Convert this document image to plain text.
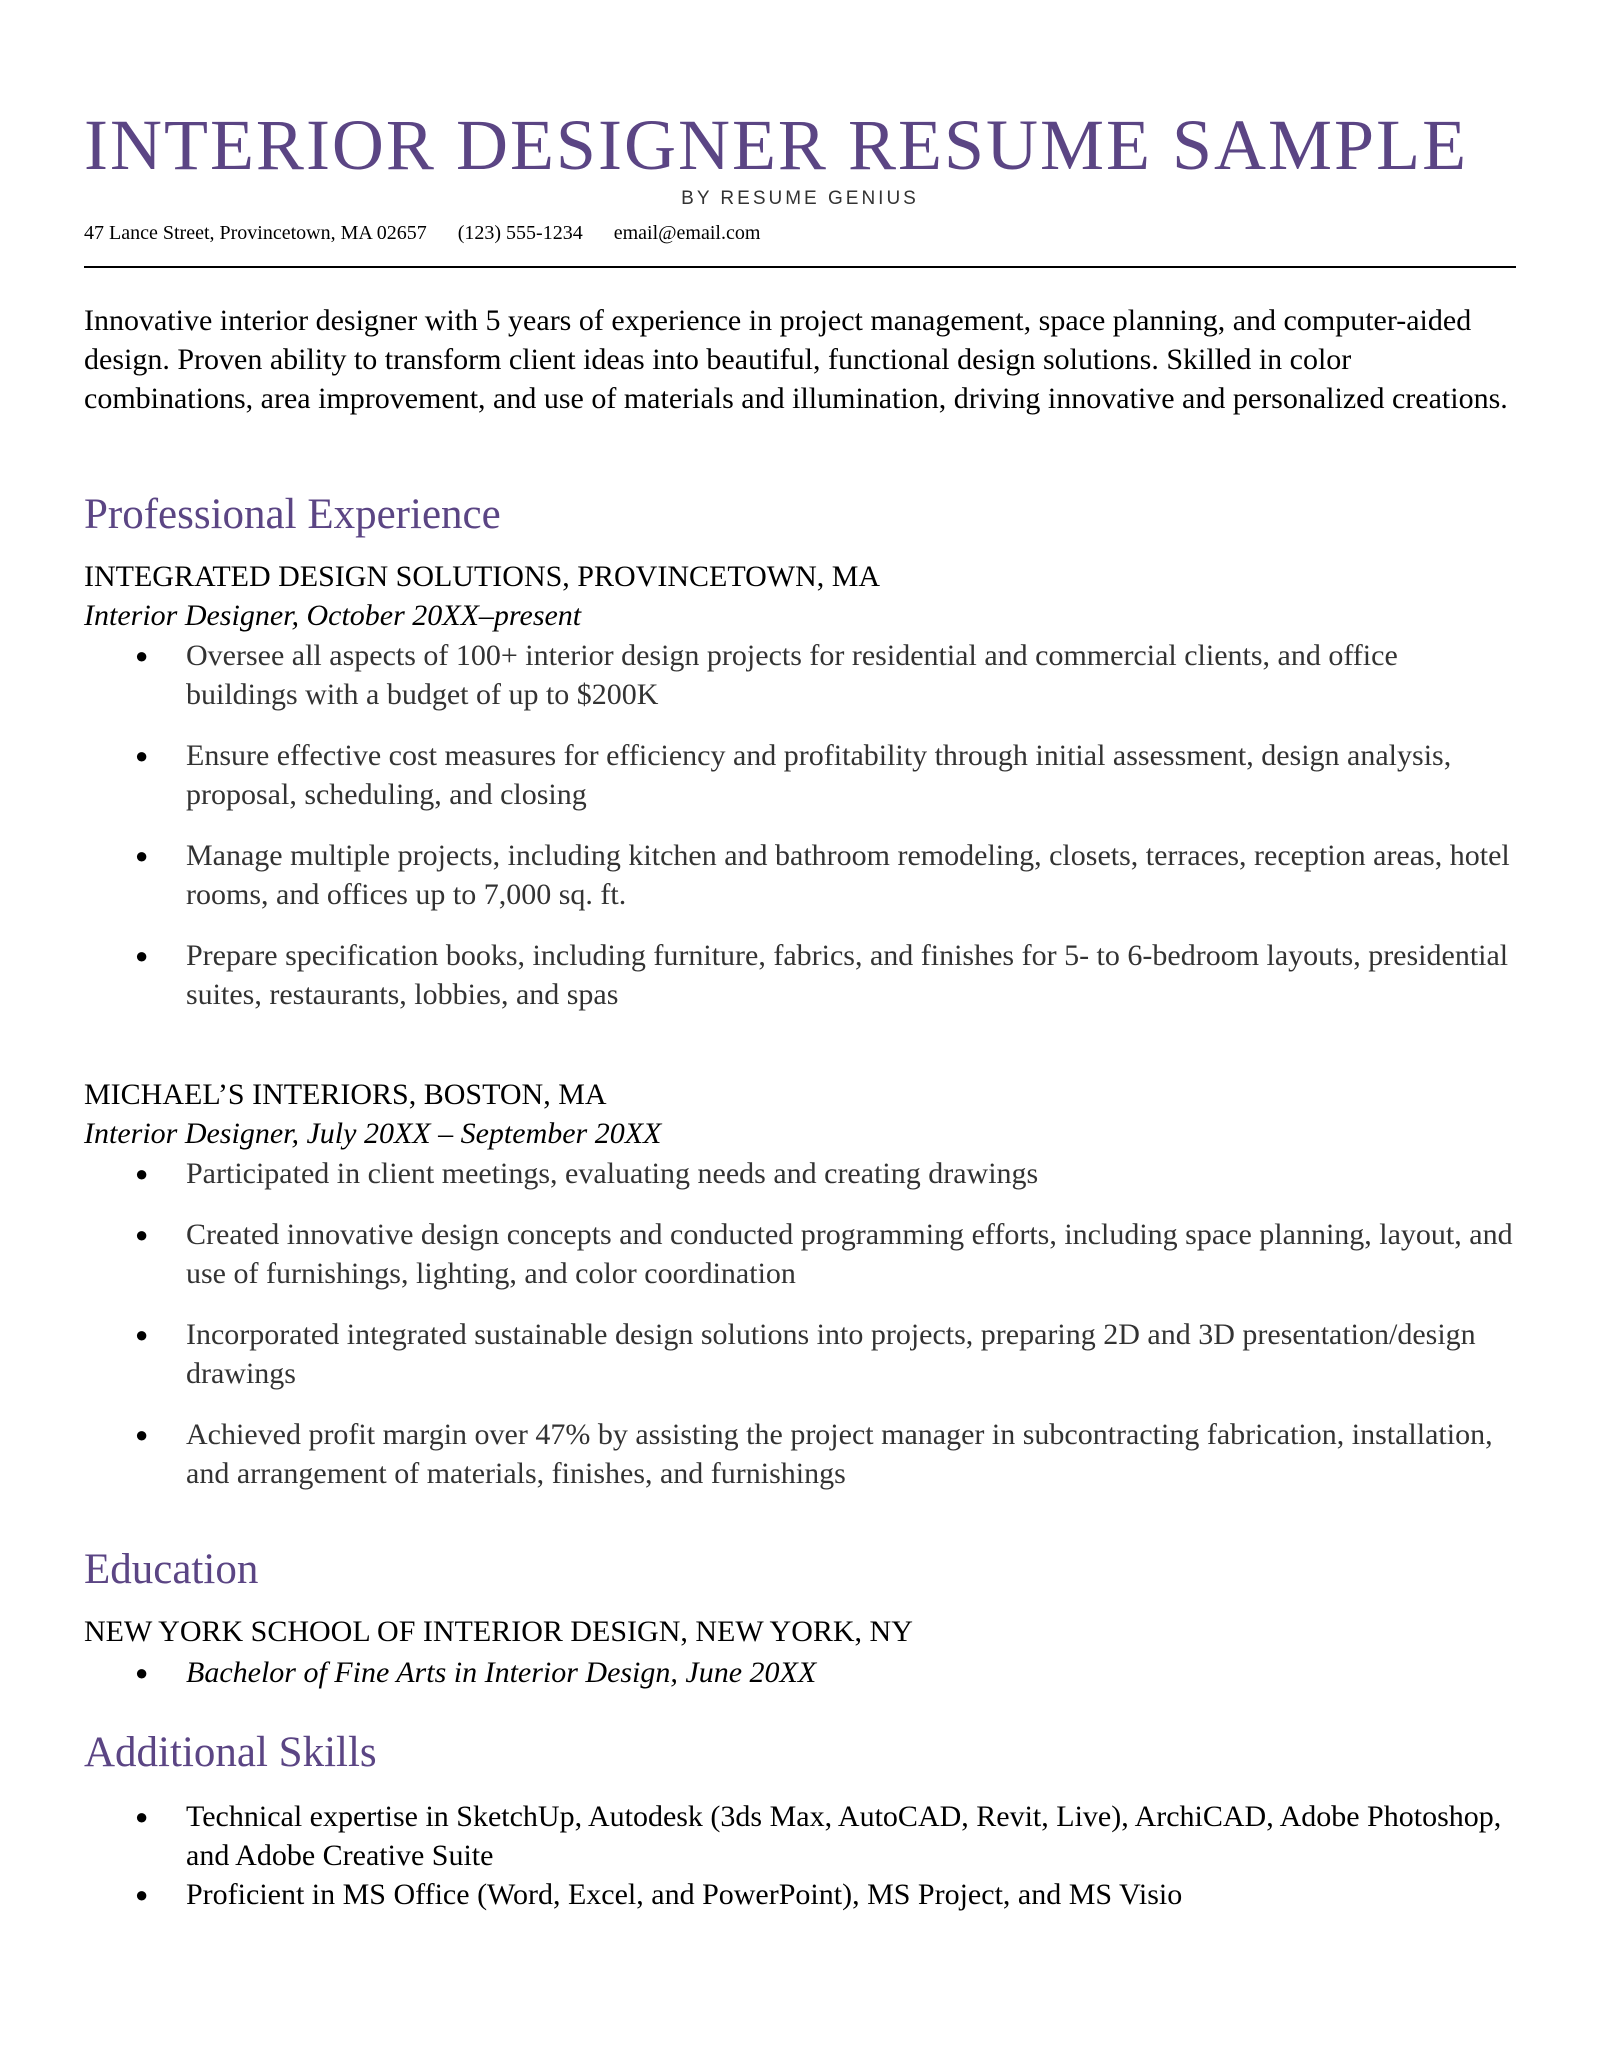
INTERIOR DESIGNER RESUME SAMPLE
BY RESUME GENIUS
47 Lance Street, Provincetown, MA 02657 (123) 555-1234 email@email.com
Innovative interior designer with 5 years of experience in project management, space planning, and computer-aided design. Proven ability to transform client ideas into beautiful, functional design solutions. Skilled in color combinations, area improvement, and use of materials and illumination, driving innovative and personalized creations.
Professional Experience
INTEGRATED DESIGN SOLUTIONS, PROVINCETOWN, MA
Interior Designer, October 20XX–present
● Oversee all aspects of 100+ interior design projects for residential and commercial clients, and office buildings with a budget of up to $200K
● Ensure effective cost measures for efficiency and profitability through initial assessment, design analysis, proposal, scheduling, and closing
● Manage multiple projects, including kitchen and bathroom remodeling, closets, terraces, reception areas, hotel rooms, and offices up to 7,000 sq. ft.
● Prepare specification books, including furniture, fabrics, and finishes for 5- to 6-bedroom layouts, presidential suites, restaurants, lobbies, and spas
MICHAEL’S INTERIORS, BOSTON, MA
Interior Designer, July 20XX – September 20XX
● Participated in client meetings, evaluating needs and creating drawings
● Created innovative design concepts and conducted programming efforts, including space planning, layout, and use of furnishings, lighting, and color coordination
● Incorporated integrated sustainable design solutions into projects, preparing 2D and 3D presentation/design drawings
● Achieved profit margin over 47% by assisting the project manager in subcontracting fabrication, installation, and arrangement of materials, finishes, and furnishings
Education
NEW YORK SCHOOL OF INTERIOR DESIGN, NEW YORK, NY
● Bachelor of Fine Arts in Interior Design, June 20XX
Additional Skills
● Technical expertise in SketchUp, Autodesk (3ds Max, AutoCAD, Revit, Live), ArchiCAD, Adobe Photoshop, and Adobe Creative Suite
● Proficient in MS Office (Word, Excel, and PowerPoint), MS Project, and MS Visio
